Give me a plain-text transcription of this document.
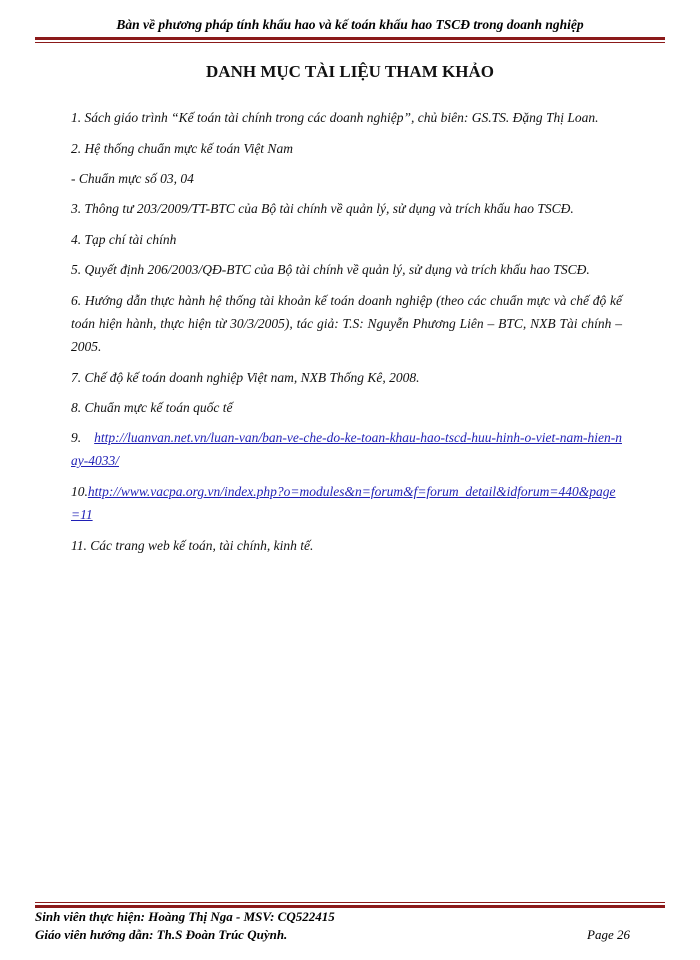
Bàn về phương pháp tính khấu hao và kế toán khấu hao TSCĐ trong doanh nghiệp
DANH MỤC TÀI LIỆU THAM KHẢO

1. Sách giáo trình “Kế toán tài chính trong các doanh nghiệp”, chủ biên: GS.TS. Đặng Thị Loan.

2. Hệ thống chuẩn mực kế toán Việt Nam

- Chuẩn mực số 03, 04

3. Thông tư 203/2009/TT-BTC của Bộ tài chính về quản lý, sử dụng và trích khấu hao TSCĐ.

4. Tạp chí tài chính

5. Quyết định 206/2003/QĐ-BTC của Bộ tài chính về quản lý, sử dụng và trích khấu hao TSCĐ.

6. Hướng dẫn thực hành hệ thống tài khoản kế toán doanh nghiệp (theo các chuẩn mực và chế độ kế toán hiện hành, thực hiện từ 30/3/2005), tác giả: T.S: Nguyễn Phương Liên – BTC, NXB Tài chính – 2005.

7. Chế độ kế toán doanh nghiệp Việt nam, NXB Thống Kê, 2008.

8. Chuẩn mực kế toán quốc tế

9. http://luanvan.net.vn/luan-van/ban-ve-che-do-ke-toan-khau-hao-tscd-huu-hinh-o-viet-nam-hien-nay-4033/

10.http://www.vacpa.org.vn/index.php?o=modules&n=forum&f=forum_detail&idforum=440&page=11

11. Các trang web kế toán, tài chính, kinh tế.

Sinh viên thực hiện: Hoàng Thị Nga - MSV: CQ522415
Giáo viên hướng dẫn: Th.S Đoàn Trúc Quỳnh.	Page 26
